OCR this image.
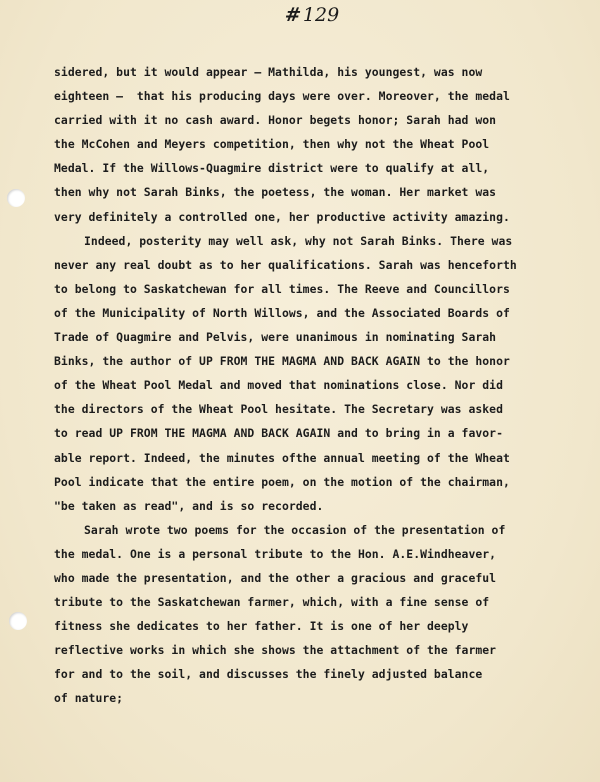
#129
sidered, but it would appear — Mathilda, his youngest, was now
eighteen —  that his producing days were over. Moreover, the medal
carried with it no cash award. Honor begets honor; Sarah had won
the McCohen and Meyers competition, then why not the Wheat Pool
Medal. If the Willows-Quagmire district were to qualify at all,
then why not Sarah Binks, the poetess, the woman. Her market was
very definitely a controlled one, her productive activity amazing.
Indeed, posterity may well ask, why not Sarah Binks. There was
never any real doubt as to her qualifications. Sarah was henceforth
to belong to Saskatchewan for all times. The Reeve and Councillors
of the Municipality of North Willows, and the Associated Boards of
Trade of Quagmire and Pelvis, were unanimous in nominating Sarah
Binks, the author of UP FROM THE MAGMA AND BACK AGAIN to the honor
of the Wheat Pool Medal and moved that nominations close. Nor did
the directors of the Wheat Pool hesitate. The Secretary was asked
to read UP FROM THE MAGMA AND BACK AGAIN and to bring in a favor-
able report. Indeed, the minutes ofthe annual meeting of the Wheat
Pool indicate that the entire poem, on the motion of the chairman,
"be taken as read", and is so recorded.
Sarah wrote two poems for the occasion of the presentation of
the medal. One is a personal tribute to the Hon. A.E.Windheaver,
who made the presentation, and the other a gracious and graceful
tribute to the Saskatchewan farmer, which, with a fine sense of
fitness she dedicates to her father. It is one of her deeply
reflective works in which she shows the attachment of the farmer
for and to the soil, and discusses the finely adjusted balance
of nature;
